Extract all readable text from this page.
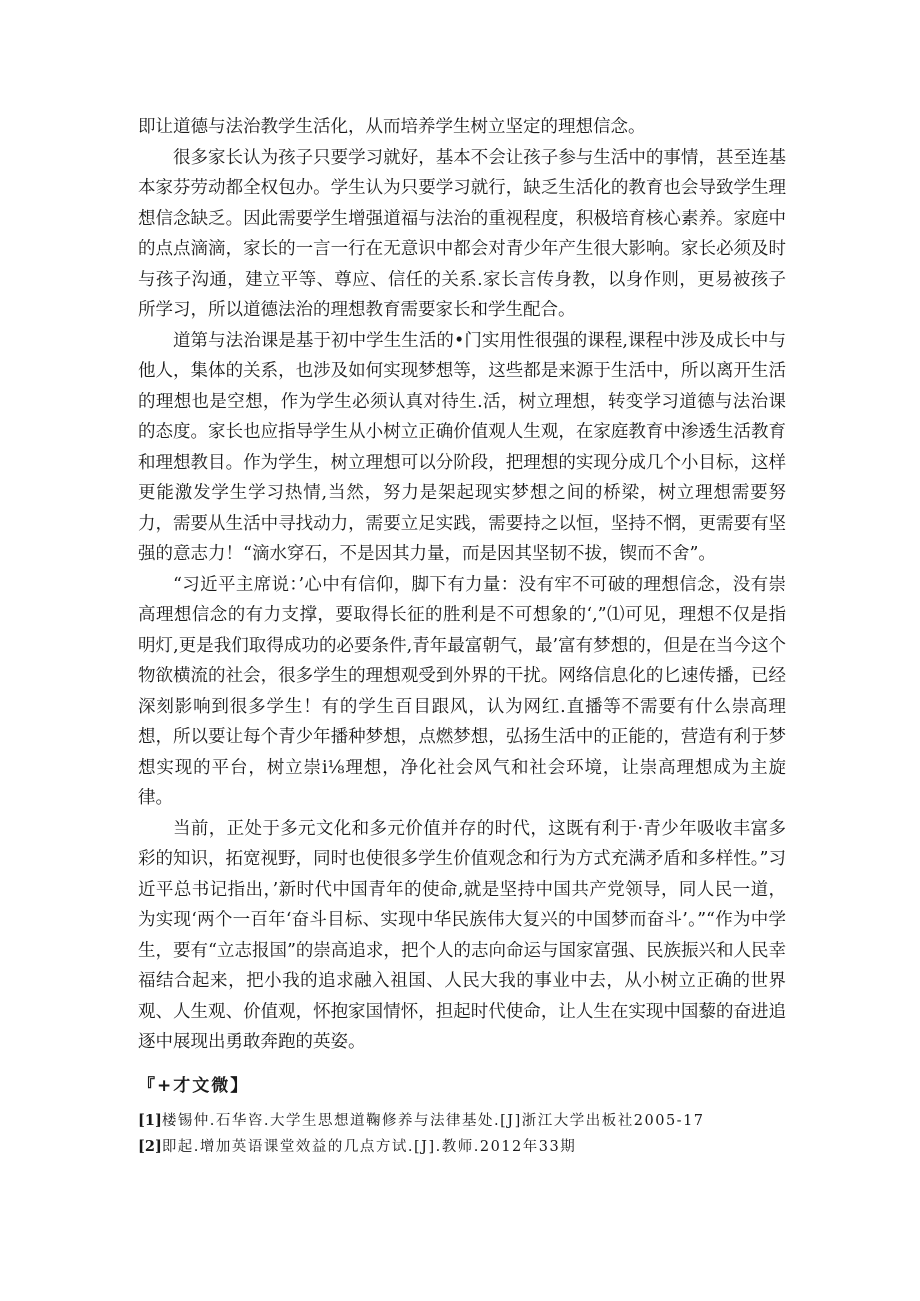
即让道德与法治教学生活化，从而培养学生树立坚定的理想信念。

很多家长认为孩子只要学习就好，基本不会让孩子参与生活中的事情，甚至连基本家芬劳动都全权包办。学生认为只要学习就行，缺乏生活化的教育也会导致学生理想信念缺乏。因此需要学生增强道福与法治的重视程度，积极培育核心素养。家庭中的点点滴滴，家长的一言一行在无意识中都会对青少年产生很大影响。家长必须及时与孩子沟通，建立平等、尊应、信任的关系.家长言传身教，以身作则，更易被孩子所学习，所以道德法治的理想教育需要家长和学生配合。

道第与法治课是基于初中学生生活的•门实用性很强的课程,课程中涉及成长中与他人，集体的关系，也涉及如何实现梦想等，这些都是来源于生活中，所以离开生活的理想也是空想，作为学生必须认真对待生.活，树立理想，转变学习道德与法治课的态度。家长也应指导学生从小树立正确价值观人生观，在家庭教育中渗透生活教育和理想教目。作为学生，树立理想可以分阶段，把理想的实现分成几个小目标，这样更能激发学生学习热情,当然，努力是架起现实梦想之间的桥梁，树立理想需要努力，需要从生活中寻找动力，需要立足实践，需要持之以恒，坚持不惘，更需要有坚强的意志力！“滴水穿石，不是因其力量，而是因其坚韧不拔，锲而不舍”。

“习近平主席说：’心中有信仰，脚下有力量：没有牢不可破的理想信念，没有崇高理想信念的有力支撑，要取得长征的胜利是不可想象的‘,”⑴可见，理想不仅是指明灯,更是我们取得成功的必要条件,青年最富朝气，最’富有梦想的，但是在当今这个物欲横流的社会，很多学生的理想观受到外界的干扰。网络信息化的匕速传播，已经深刻影响到很多学生！有的学生百目跟风，认为网红.直播等不需要有什么崇高理想，所以要让每个青少年播种梦想，点燃梦想，弘扬生活中的正能的，营造有利于梦想实现的平台，树立崇i⅛理想，净化社会风气和社会环境，让崇高理想成为主旋律。

当前，正处于多元文化和多元价值并存的时代，这既有利于·青少年吸收丰富多彩的知识，拓宽视野，同时也使很多学生价值观念和行为方式充满矛盾和多样性。”习近平总书记指出，’新时代中国青年的使命,就是坚持中国共产党领导，同人民一道，为实现‘两个一百年‘奋斗目标、实现中华民族伟大复兴的中国梦而奋斗’。”“作为中学生，要有“立志报国”的崇高追求，把个人的志向命运与国家富强、民族振兴和人民幸福结合起来，把小我的追求融入祖国、人民大我的事业中去，从小树立正确的世界观、人生观、价值观，怀抱家国情怀，担起时代使命，让人生在实现中国藜的奋进追逐中展现出勇敢奔跑的英姿。

『+才文微】

[1]楼锡仲.石华咨.大学生思想道鞠修养与法律基处.[J]浙江大学出板社2005-17

[2]即起.增加英语课堂效益的几点方试.[J].教师.2012年33期
